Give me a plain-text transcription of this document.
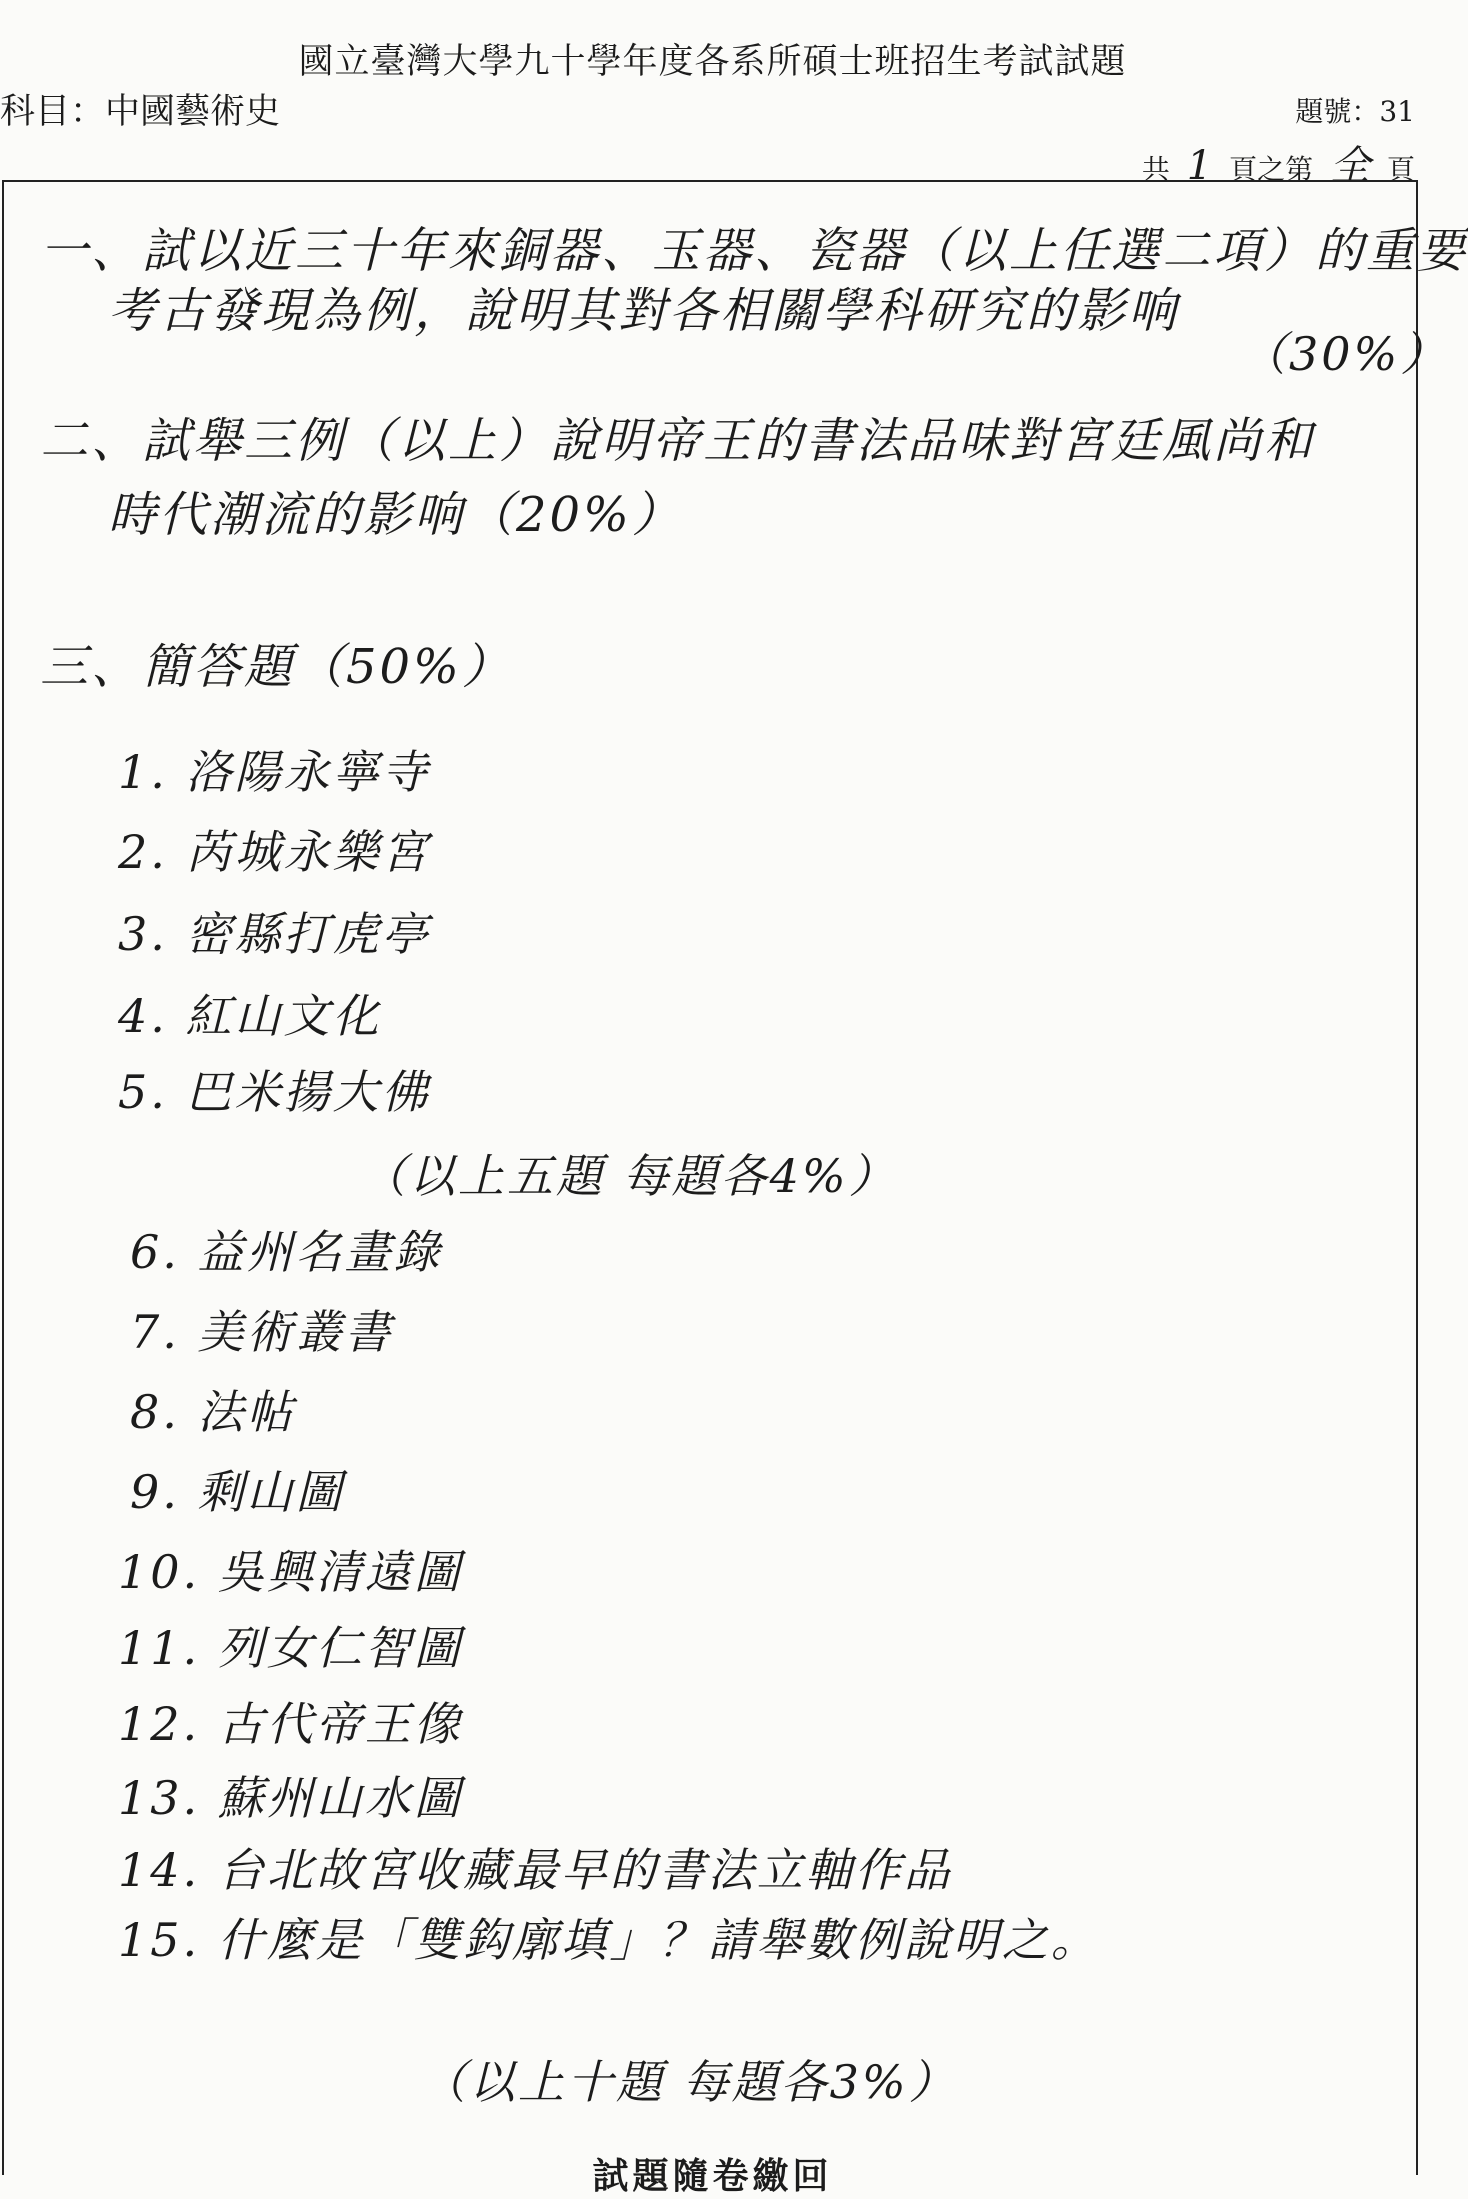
國立臺灣大學九十學年度各系所碩士班招生考試試題
科目：中國藝術史	題號：31
共 1 頁之第 全 頁
一、試以近三十年來銅器、玉器、瓷器（以上任選二項）的重要
考古發現為例，說明其對各相關學科研究的影响
（30%）
二、試舉三例（以上）說明帝王的書法品味對宮廷風尚和
時代潮流的影响（20%）
三、簡答題（50%）
1. 洛陽永寧寺
2. 芮城永樂宮
3. 密縣打虎亭
4. 紅山文化
5. 巴米揚大佛
（以上五題 每題各4%）
6. 益州名畫錄
7. 美術叢書
8. 法帖
9. 剩山圖
10. 吳興清遠圖
11. 列女仁智圖
12. 古代帝王像
13. 蘇州山水圖
14. 台北故宮收藏最早的書法立軸作品
15. 什麼是「雙鈎廓填」？請舉數例說明之。
（以上十題 每題各3%）
試題隨卷繳回
